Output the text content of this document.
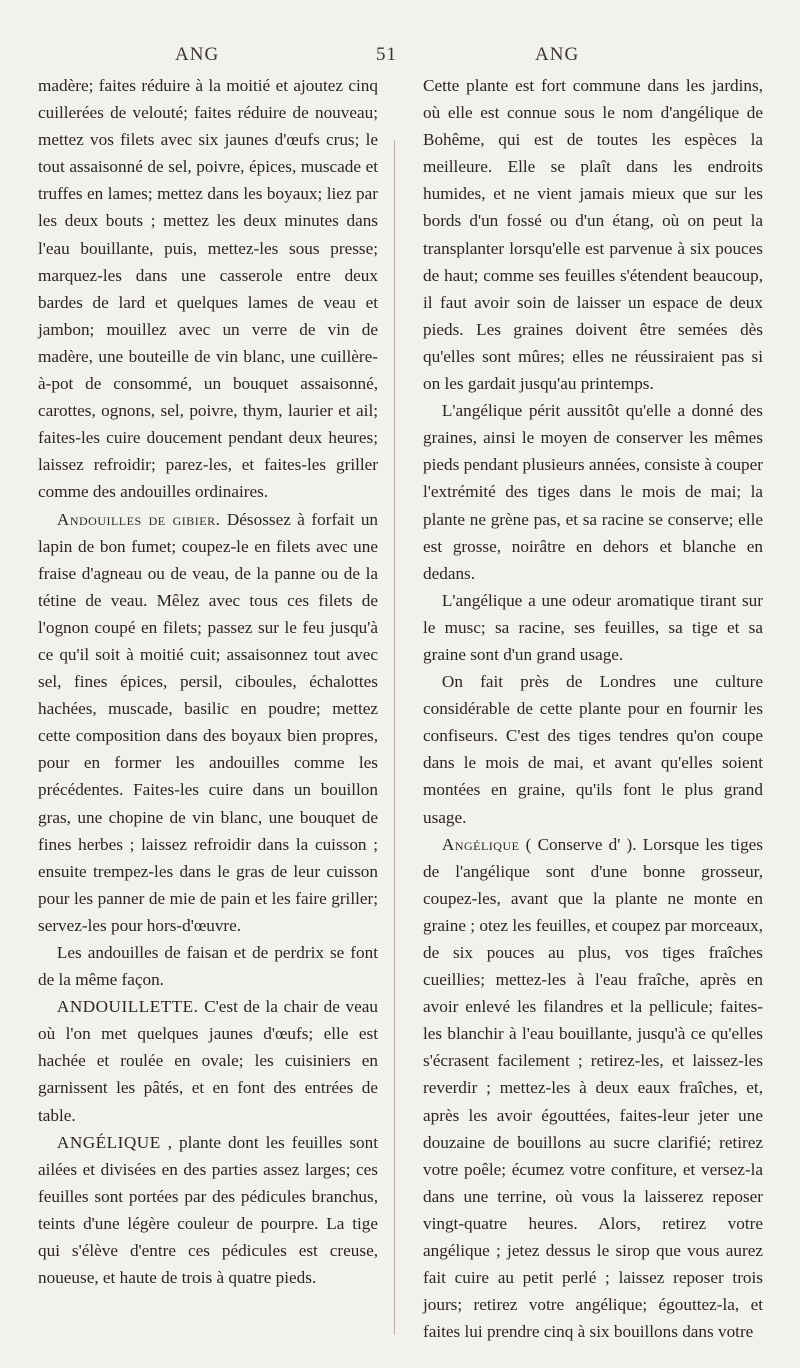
ANG	51	ANG

madère; faites réduire à la moitié et ajoutez cinq cuillerées de velouté; faites réduire de nouveau; mettez vos filets avec six jaunes d'œufs crus; le tout assaisonné de sel, poivre, épices, muscade et truffes en lames; mettez dans les boyaux; liez par les deux bouts ; mettez les deux minutes dans l'eau bouillante, puis, mettez-les sous presse; marquez-les dans une casserole entre deux bardes de lard et quelques lames de veau et jambon; mouillez avec un verre de vin de madère, une bouteille de vin blanc, une cuillère-à-pot de consommé, un bouquet assaisonné, carottes, ognons, sel, poivre, thym, laurier et ail; faites-les cuire doucement pendant deux heures; laissez refroidir; parez-les, et faites-les griller comme des andouilles ordinaires.

Andouilles de gibier. Désossez à forfait un lapin de bon fumet; coupez-le en filets avec une fraise d'agneau ou de veau, de la panne ou de la tétine de veau. Mêlez avec tous ces filets de l'ognon coupé en filets; passez sur le feu jusqu'à ce qu'il soit à moitié cuit; assaisonnez tout avec sel, fines épices, persil, ciboules, échalottes hachées, muscade, basilic en poudre; mettez cette composition dans des boyaux bien propres, pour en former les andouilles comme les précédentes. Faites-les cuire dans un bouillon gras, une chopine de vin blanc, une bouquet de fines herbes ; laissez refroidir dans la cuisson ; ensuite trempez-les dans le gras de leur cuisson pour les panner de mie de pain et les faire griller; servez-les pour hors-d'œuvre.

Les andouilles de faisan et de perdrix se font de la même façon.

ANDOUILLETTE. C'est de la chair de veau où l'on met quelques jaunes d'œufs; elle est hachée et roulée en ovale; les cuisiniers en garnissent les pâtés, et en font des entrées de table.

ANGÉLIQUE , plante dont les feuilles sont ailées et divisées en des parties assez larges; ces feuilles sont portées par des pédicules branchus, teints d'une légère couleur de pourpre. La tige qui s'élève d'entre ces pédicules est creuse, noueuse, et haute de trois à quatre pieds.

Cette plante est fort commune dans les jardins, où elle est connue sous le nom d'angélique de Bohême, qui est de toutes les espèces la meilleure. Elle se plaît dans les endroits humides, et ne vient jamais mieux que sur les bords d'un fossé ou d'un étang, où on peut la transplanter lorsqu'elle est parvenue à six pouces de haut; comme ses feuilles s'étendent beaucoup, il faut avoir soin de laisser un espace de deux pieds. Les graines doivent être semées dès qu'elles sont mûres; elles ne réussiraient pas si on les gardait jusqu'au printemps.

L'angélique périt aussitôt qu'elle a donné des graines, ainsi le moyen de conserver les mêmes pieds pendant plusieurs années, consiste à couper l'extrémité des tiges dans le mois de mai; la plante ne grène pas, et sa racine se conserve; elle est grosse, noirâtre en dehors et blanche en dedans.

L'angélique a une odeur aromatique tirant sur le musc; sa racine, ses feuilles, sa tige et sa graine sont d'un grand usage.

On fait près de Londres une culture considérable de cette plante pour en fournir les confiseurs. C'est des tiges tendres qu'on coupe dans le mois de mai, et avant qu'elles soient montées en graine, qu'ils font le plus grand usage.

Angélique ( Conserve d' ). Lorsque les tiges de l'angélique sont d'une bonne grosseur, coupez-les, avant que la plante ne monte en graine ; otez les feuilles, et coupez par morceaux, de six pouces au plus, vos tiges fraîches cueillies; mettez-les à l'eau fraîche, après en avoir enlevé les filandres et la pellicule; faites-les blanchir à l'eau bouillante, jusqu'à ce qu'elles s'écrasent facilement ; retirez-les, et laissez-les reverdir ; mettez-les à deux eaux fraîches, et, après les avoir égouttées, faites-leur jeter une douzaine de bouillons au sucre clarifié; retirez votre poêle; écumez votre confiture, et versez-la dans une terrine, où vous la laisserez reposer vingt-quatre heures. Alors, retirez votre angélique ; jetez dessus le sirop que vous aurez fait cuire au petit perlé ; laissez reposer trois jours; retirez votre angélique; égouttez-la, et faites lui prendre cinq à six bouillons dans votre
